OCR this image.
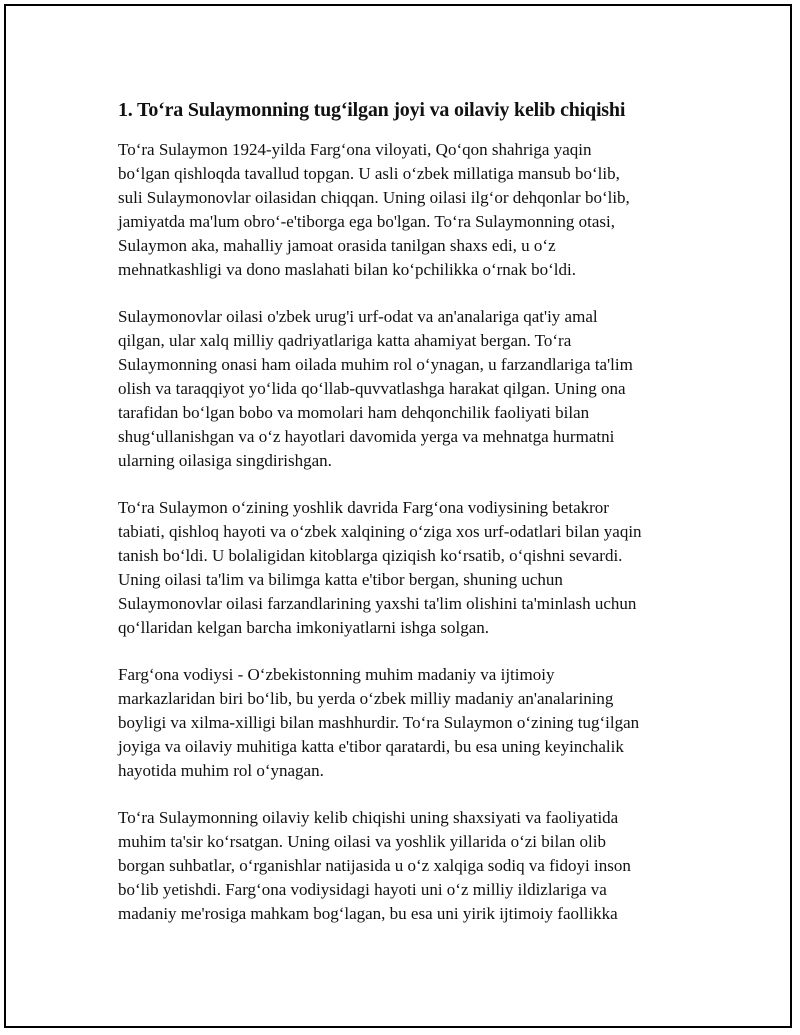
1. To‘ra Sulaymonning tug‘ilgan joyi va oilaviy kelib chiqishi

To‘ra Sulaymon 1924-yilda Farg‘ona viloyati, Qo‘qon shahriga yaqin
bo‘lgan qishloqda tavallud topgan. U asli o‘zbek millatiga mansub bo‘lib,
suli Sulaymonovlar oilasidan chiqqan. Uning oilasi ilg‘or dehqonlar bo‘lib,
jamiyatda ma'lum obro‘-e'tiborga ega bo'lgan. To‘ra Sulaymonning otasi,
Sulaymon aka, mahalliy jamoat orasida tanilgan shaxs edi, u o‘z
mehnatkashligi va dono maslahati bilan ko‘pchilikka o‘rnak bo‘ldi.

Sulaymonovlar oilasi o'zbek urug'i urf-odat va an'analariga qat'iy amal
qilgan, ular xalq milliy qadriyatlariga katta ahamiyat bergan. To‘ra
Sulaymonning onasi ham oilada muhim rol o‘ynagan, u farzandlariga ta'lim
olish va taraqqiyot yo‘lida qo‘llab-quvvatlashga harakat qilgan. Uning ona
tarafidan bo‘lgan bobo va momolari ham dehqonchilik faoliyati bilan
shug‘ullanishgan va o‘z hayotlari davomida yerga va mehnatga hurmatni
ularning oilasiga singdirishgan.

To‘ra Sulaymon o‘zining yoshlik davrida Farg‘ona vodiysining betakror
tabiati, qishloq hayoti va o‘zbek xalqining o‘ziga xos urf-odatlari bilan yaqin
tanish bo‘ldi. U bolaligidan kitoblarga qiziqish ko‘rsatib, o‘qishni sevardi.
Uning oilasi ta'lim va bilimga katta e'tibor bergan, shuning uchun
Sulaymonovlar oilasi farzandlarining yaxshi ta'lim olishini ta'minlash uchun
qo‘llaridan kelgan barcha imkoniyatlarni ishga solgan.

Farg‘ona vodiysi - O‘zbekistonning muhim madaniy va ijtimoiy
markazlaridan biri bo‘lib, bu yerda o‘zbek milliy madaniy an'analarining
boyligi va xilma-xilligi bilan mashhurdir. To‘ra Sulaymon o‘zining tug‘ilgan
joyiga va oilaviy muhitiga katta e'tibor qaratardi, bu esa uning keyinchalik
hayotida muhim rol o‘ynagan.

To‘ra Sulaymonning oilaviy kelib chiqishi uning shaxsiyati va faoliyatida
muhim ta'sir ko‘rsatgan. Uning oilasi va yoshlik yillarida o‘zi bilan olib
borgan suhbatlar, o‘rganishlar natijasida u o‘z xalqiga sodiq va fidoyi inson
bo‘lib yetishdi. Farg‘ona vodiysidagi hayoti uni o‘z milliy ildizlariga va
madaniy me'rosiga mahkam bog‘lagan, bu esa uni yirik ijtimoiy faollikka
